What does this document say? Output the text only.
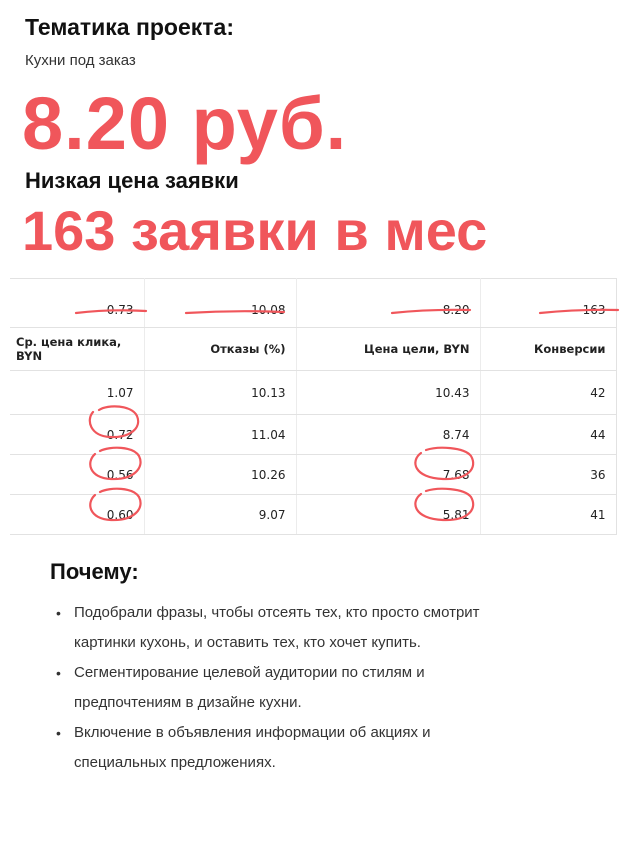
Тематика проекта:
Кухни под заказ
8.20 руб.
Низкая цена заявки
163 заявки в мес
0.73	10.08	8.20	163
Ср. цена клика, BYN	Отказы (%)	Цена цели, BYN	Конверсии
1.07	10.13	10.43	42
0.72	11.04	8.74	44
0.56	10.26	7.68	36
0.60	9.07	5.81	41
Почему:
• Подобрали фразы, чтобы отсеять тех, кто просто смотрит картинки кухонь, и оставить тех, кто хочет купить.
• Сегментирование целевой аудитории по стилям и предпочтениям в дизайне кухни.
• Включение в объявления информации об акциях и специальных предложениях.
